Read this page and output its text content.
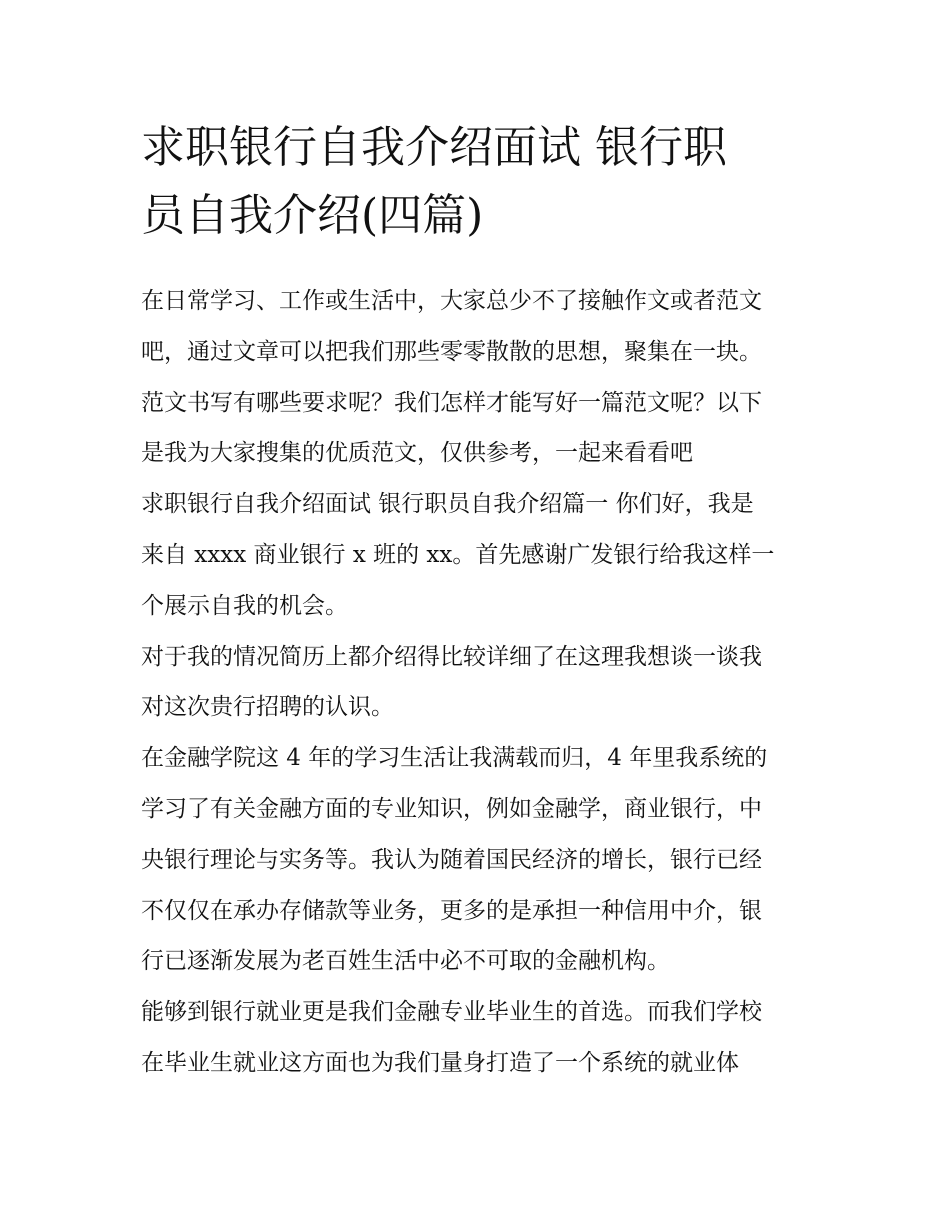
求职银行自我介绍面试 银行职
员自我介绍(四篇)
在日常学习、工作或生活中，大家总少不了接触作文或者范文
吧，通过文章可以把我们那些零零散散的思想，聚集在一块。
范文书写有哪些要求呢？我们怎样才能写好一篇范文呢？以下
是我为大家搜集的优质范文，仅供参考，一起来看看吧
求职银行自我介绍面试 银行职员自我介绍篇一 你们好，我是
来自 xxxx 商业银行 x 班的 xx。首先感谢广发银行给我这样一
个展示自我的机会。
对于我的情况简历上都介绍得比较详细了在这理我想谈一谈我
对这次贵行招聘的认识。
在金融学院这 4 年的学习生活让我满载而归，4 年里我系统的
学习了有关金融方面的专业知识，例如金融学，商业银行，中
央银行理论与实务等。我认为随着国民经济的增长，银行已经
不仅仅在承办存储款等业务，更多的是承担一种信用中介，银
行已逐渐发展为老百姓生活中必不可取的金融机构。
能够到银行就业更是我们金融专业毕业生的首选。而我们学校
在毕业生就业这方面也为我们量身打造了一个系统的就业体
